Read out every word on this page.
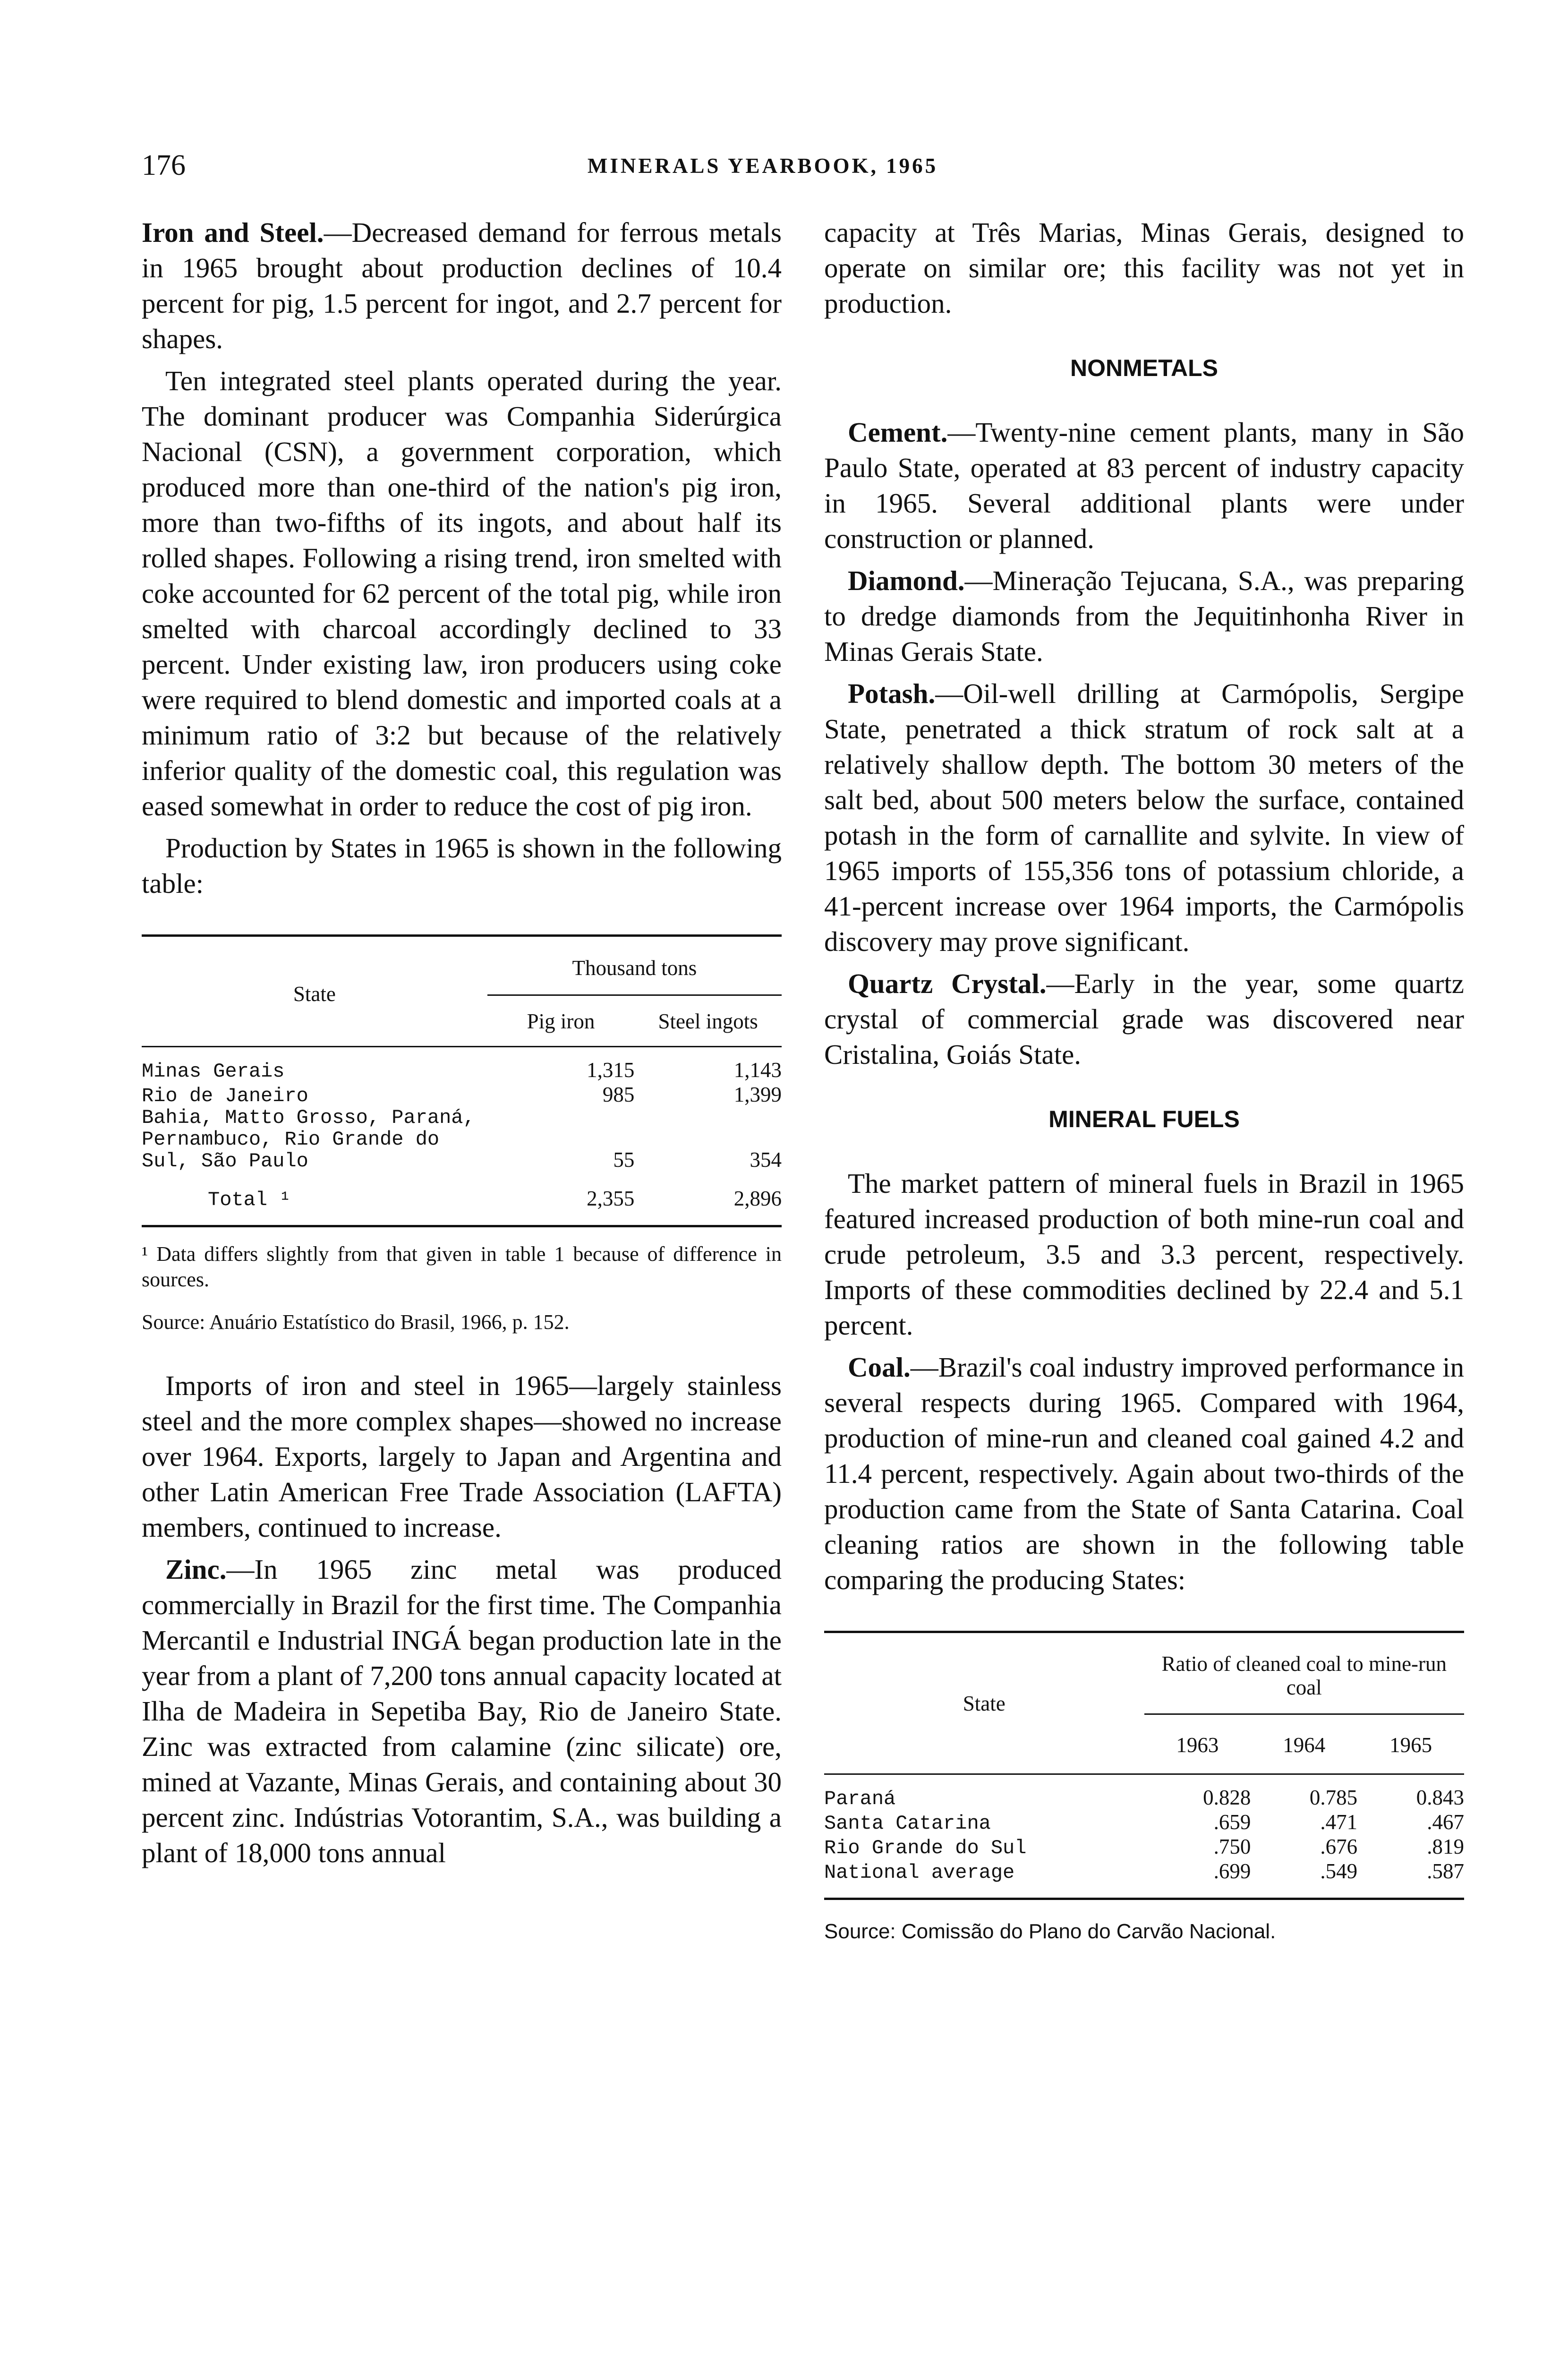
176	MINERALS YEARBOOK, 1965

Iron and Steel.—Decreased demand for ferrous metals in 1965 brought about production declines of 10.4 percent for pig, 1.5 percent for ingot, and 2.7 percent for shapes.

Ten integrated steel plants operated during the year. The dominant producer was Companhia Siderúrgica Nacional (CSN), a government corporation, which produced more than one-third of the nation's pig iron, more than two-fifths of its ingots, and about half its rolled shapes. Following a rising trend, iron smelted with coke accounted for 62 percent of the total pig, while iron smelted with charcoal accordingly declined to 33 percent. Under existing law, iron producers using coke were required to blend domestic and imported coals at a minimum ratio of 3:2 but because of the relatively inferior quality of the domestic coal, this regulation was eased somewhat in order to reduce the cost of pig iron.

Production by States in 1965 is shown in the following table:

State	Thousand tons	
	Pig iron	Steel ingots

Minas Gerais	1,315	1,143
Rio de Janeiro	985	1,399
Bahia, Matto Grosso, Paraná, Pernambuco, Rio Grande do Sul, São Paulo	55	354

Total ¹	2,355	2,896

¹ Data differs slightly from that given in table 1 because of difference in sources.

Source: Anuário Estatístico do Brasil, 1966, p. 152.

Imports of iron and steel in 1965—largely stainless steel and the more complex shapes—showed no increase over 1964. Exports, largely to Japan and Argentina and other Latin American Free Trade Association (LAFTA) members, continued to increase.

Zinc.—In 1965 zinc metal was produced commercially in Brazil for the first time. The Companhia Mercantil e Industrial INGÁ began production late in the year from a plant of 7,200 tons annual capacity located at Ilha de Madeira in Sepetiba Bay, Rio de Janeiro State. Zinc was extracted from calamine (zinc silicate) ore, mined at Vazante, Minas Gerais, and containing about 30 percent zinc. Indústrias Votorantim, S.A., was building a plant of 18,000 tons annual

capacity at Três Marias, Minas Gerais, designed to operate on similar ore; this facility was not yet in production.

NONMETALS

Cement.—Twenty-nine cement plants, many in São Paulo State, operated at 83 percent of industry capacity in 1965. Several additional plants were under construction or planned.

Diamond.—Mineração Tejucana, S.A., was preparing to dredge diamonds from the Jequitinhonha River in Minas Gerais State.

Potash.—Oil-well drilling at Carmópolis, Sergipe State, penetrated a thick stratum of rock salt at a relatively shallow depth. The bottom 30 meters of the salt bed, about 500 meters below the surface, contained potash in the form of carnallite and sylvite. In view of 1965 imports of 155,356 tons of potassium chloride, a 41-percent increase over 1964 imports, the Carmópolis discovery may prove significant.

Quartz Crystal.—Early in the year, some quartz crystal of commercial grade was discovered near Cristalina, Goiás State.

MINERAL FUELS

The market pattern of mineral fuels in Brazil in 1965 featured increased production of both mine-run coal and crude petroleum, 3.5 and 3.3 percent, respectively. Imports of these commodities declined by 22.4 and 5.1 percent.

Coal.—Brazil's coal industry improved performance in several respects during 1965. Compared with 1964, production of mine-run and cleaned coal gained 4.2 and 11.4 percent, respectively. Again about two-thirds of the production came from the State of Santa Catarina. Coal cleaning ratios are shown in the following table comparing the producing States:

State	Ratio of cleaned coal to mine-run coal		
	1963	1964	1965

Paraná	0.828	0.785	0.843
Santa Catarina	.659	.471	.467
Rio Grande do Sul	.750	.676	.819
National average	.699	.549	.587

Source: Comissão do Plano do Carvão Nacional.
